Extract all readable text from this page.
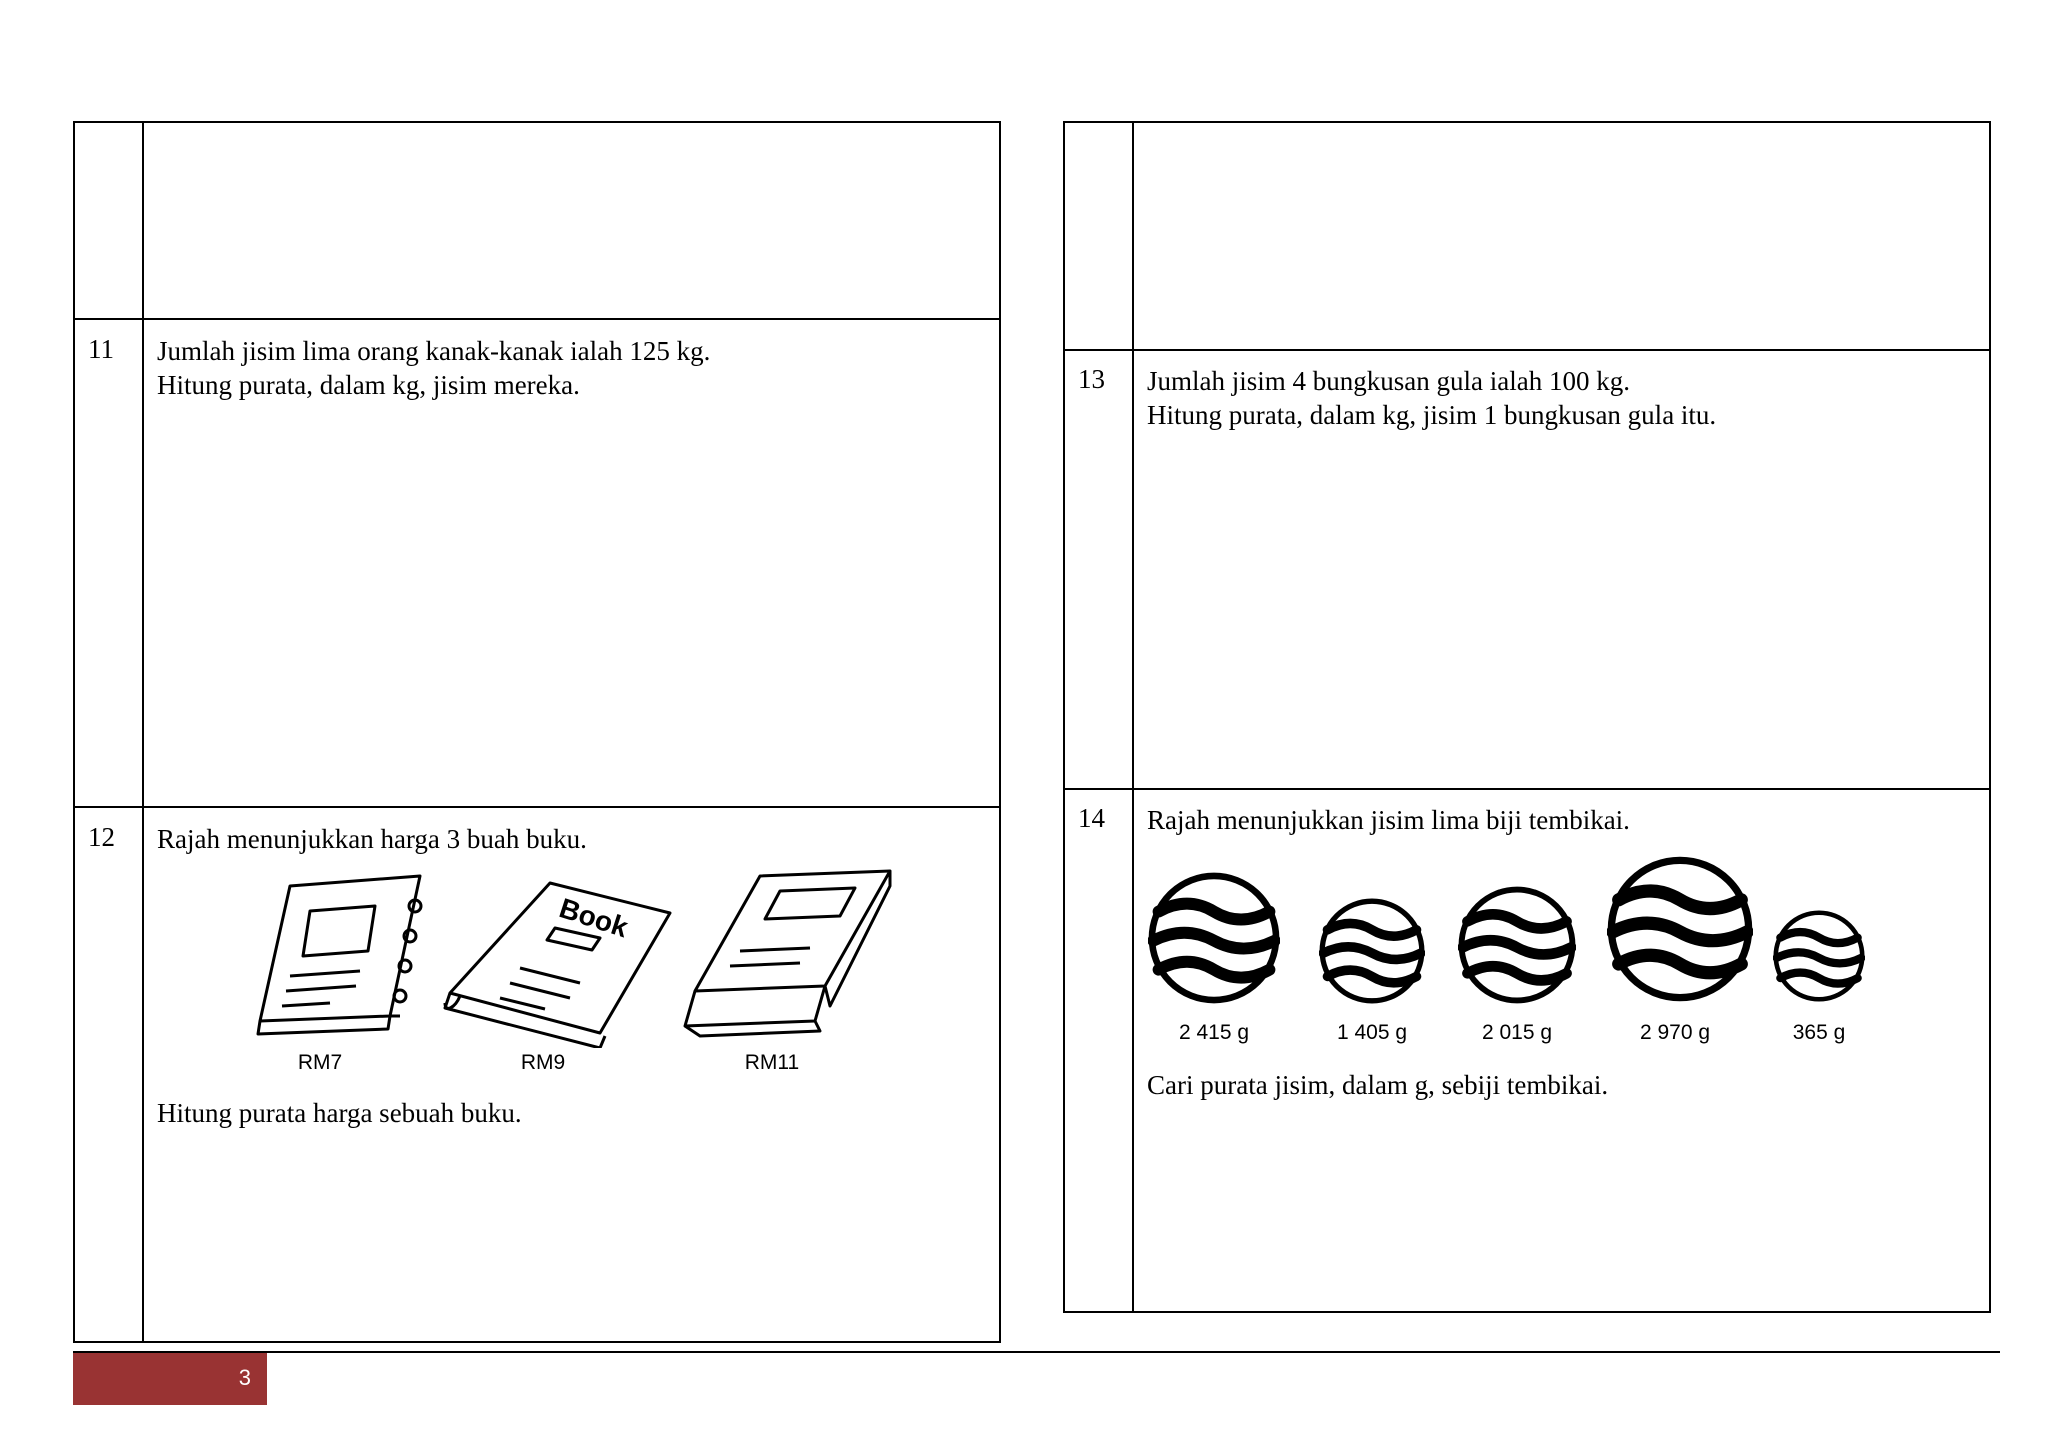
11 Jumlah jisim lima orang kanak-kanak ialah 125 kg.
Hitung purata, dalam kg, jisim mereka.
12 Rajah menunjukkan harga 3 buah buku.
Book
RM7	RM9	RM11
Hitung purata harga sebuah buku.
13 Jumlah jisim 4 bungkusan gula ialah 100 kg.
Hitung purata, dalam kg, jisim 1 bungkusan gula itu.
14 Rajah menunjukkan jisim lima biji tembikai.
2 415 g	1 405 g	2 015 g	2 970 g	365 g
Cari purata jisim, dalam g, sebiji tembikai.
3
